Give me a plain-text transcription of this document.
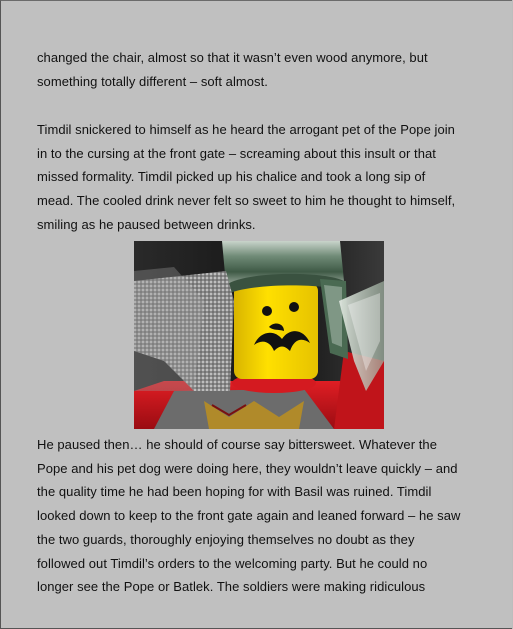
changed the chair, almost so that it wasn’t even wood anymore, but
something totally different – soft almost.
Timdil snickered to himself as he heard the arrogant pet of the Pope join
in to the cursing at the front gate – screaming about this insult or that
missed formality. Timdil picked up his chalice and took a long sip of
mead. The cooled drink never felt so sweet to him he thought to himself,
smiling as he paused between drinks.
He paused then… he should of course say bittersweet. Whatever the
Pope and his pet dog were doing here, they wouldn’t leave quickly – and
the quality time he had been hoping for with Basil was ruined. Timdil
looked down to keep to the front gate again and leaned forward – he saw
the two guards, thoroughly enjoying themselves no doubt as they
followed out Timdil’s orders to the welcoming party. But he could no
longer see the Pope or Batlek. The soldiers were making ridiculous
